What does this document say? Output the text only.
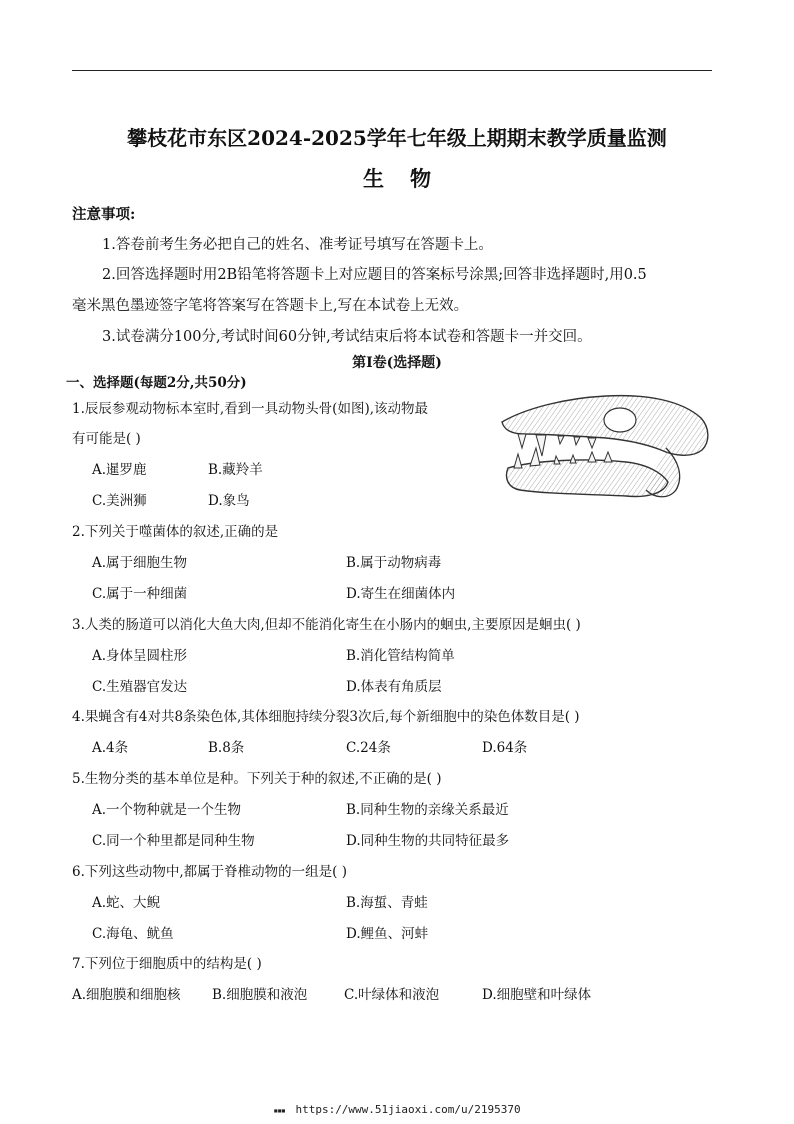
攀枝花市东区2024-2025学年七年级上期期末教学质量监测
生物
注意事项:
1.答卷前考生务必把自己的姓名、准考证号填写在答题卡上。
2.回答选择题时用2B铅笔将答题卡上对应题目的答案标号涂黑;回答非选择题时,用0.5
毫米黑色墨迹签字笔将答案写在答题卡上,写在本试卷上无效。
3.试卷满分100分,考试时间60分钟,考试结束后将本试卷和答题卡一并交回。
第Ⅰ卷(选择题)
一、选择题(每题2分,共50分)
1.辰辰参观动物标本室时,看到一具动物头骨(如图),该动物最
有可能是( )
A.暹罗鹿	B.藏羚羊
C.美洲狮	D.象鸟
2.下列关于噬菌体的叙述,正确的是
A.属于细胞生物	B.属于动物病毒
C.属于一种细菌	D.寄生在细菌体内
3.人类的肠道可以消化大鱼大肉,但却不能消化寄生在小肠内的蛔虫,主要原因是蛔虫( )
A.身体呈圆柱形	B.消化管结构简单
C.生殖器官发达	D.体表有角质层
4.果蝇含有4对共8条染色体,其体细胞持续分裂3次后,每个新细胞中的染色体数目是( )
A.4条	B.8条	C.24条	D.64条
5.生物分类的基本单位是种。下列关于种的叙述,不正确的是( )
A.一个物种就是一个生物	B.同种生物的亲缘关系最近
C.同一个种里都是同种生物	D.同种生物的共同特征最多
6.下列这些动物中,都属于脊椎动物的一组是( )
A.蛇、大鲵	B.海蜇、青蛙
C.海龟、鱿鱼	D.鲤鱼、河蚌
7.下列位于细胞质中的结构是( )
A.细胞膜和细胞核 B.细胞膜和液泡	C.叶绿体和液泡	D.细胞壁和叶绿体
▪▪▪ https://www.51jiaoxi.com/u/2195370
